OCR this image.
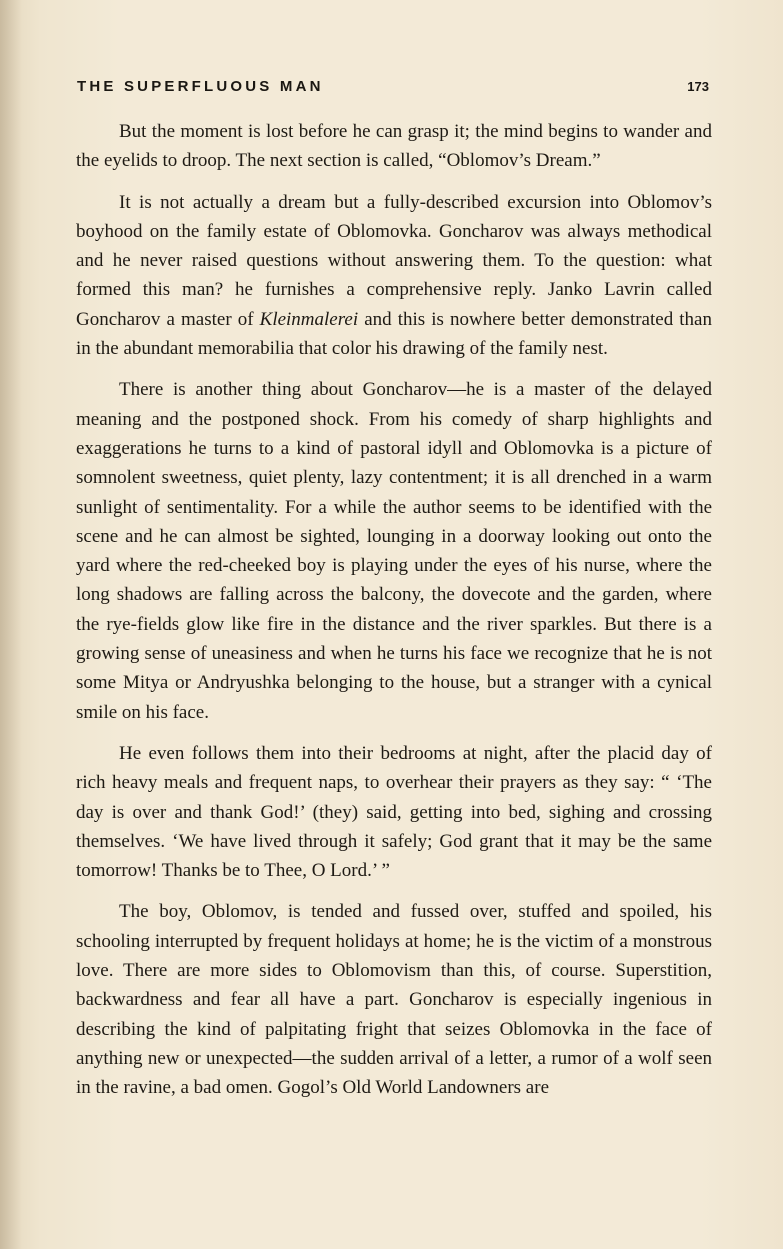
THE SUPERFLUOUS MAN	173

But the moment is lost before he can grasp it; the mind begins to wander and the eyelids to droop. The next section is called, “Oblomov’s Dream.”

It is not actually a dream but a fully-described excursion into Oblomov’s boyhood on the family estate of Oblomovka. Goncharov was always methodical and he never raised questions without answering them. To the question: what formed this man? he furnishes a comprehensive reply. Janko Lavrin called Goncharov a master of Kleinmalerei and this is nowhere better demonstrated than in the abundant memorabilia that color his drawing of the family nest.

There is another thing about Goncharov—he is a master of the delayed meaning and the postponed shock. From his comedy of sharp highlights and exaggerations he turns to a kind of pastoral idyll and Oblomovka is a picture of somnolent sweetness, quiet plenty, lazy contentment; it is all drenched in a warm sunlight of sentimentality. For a while the author seems to be identified with the scene and he can almost be sighted, lounging in a doorway looking out onto the yard where the red-cheeked boy is playing under the eyes of his nurse, where the long shadows are falling across the balcony, the dovecote and the garden, where the rye-fields glow like fire in the distance and the river sparkles. But there is a growing sense of uneasiness and when he turns his face we recognize that he is not some Mitya or Andryushka belonging to the house, but a stranger with a cynical smile on his face.

He even follows them into their bedrooms at night, after the placid day of rich heavy meals and frequent naps, to overhear their prayers as they say: “ ‘The day is over and thank God!’ (they) said, getting into bed, sighing and crossing themselves. ‘We have lived through it safely; God grant that it may be the same tomorrow! Thanks be to Thee, O Lord.’ ”

The boy, Oblomov, is tended and fussed over, stuffed and spoiled, his schooling interrupted by frequent holidays at home; he is the victim of a monstrous love. There are more sides to Oblomovism than this, of course. Superstition, backwardness and fear all have a part. Goncharov is especially ingenious in describing the kind of palpitating fright that seizes Oblomovka in the face of anything new or unexpected—the sudden arrival of a letter, a rumor of a wolf seen in the ravine, a bad omen. Gogol’s Old World Landowners are
